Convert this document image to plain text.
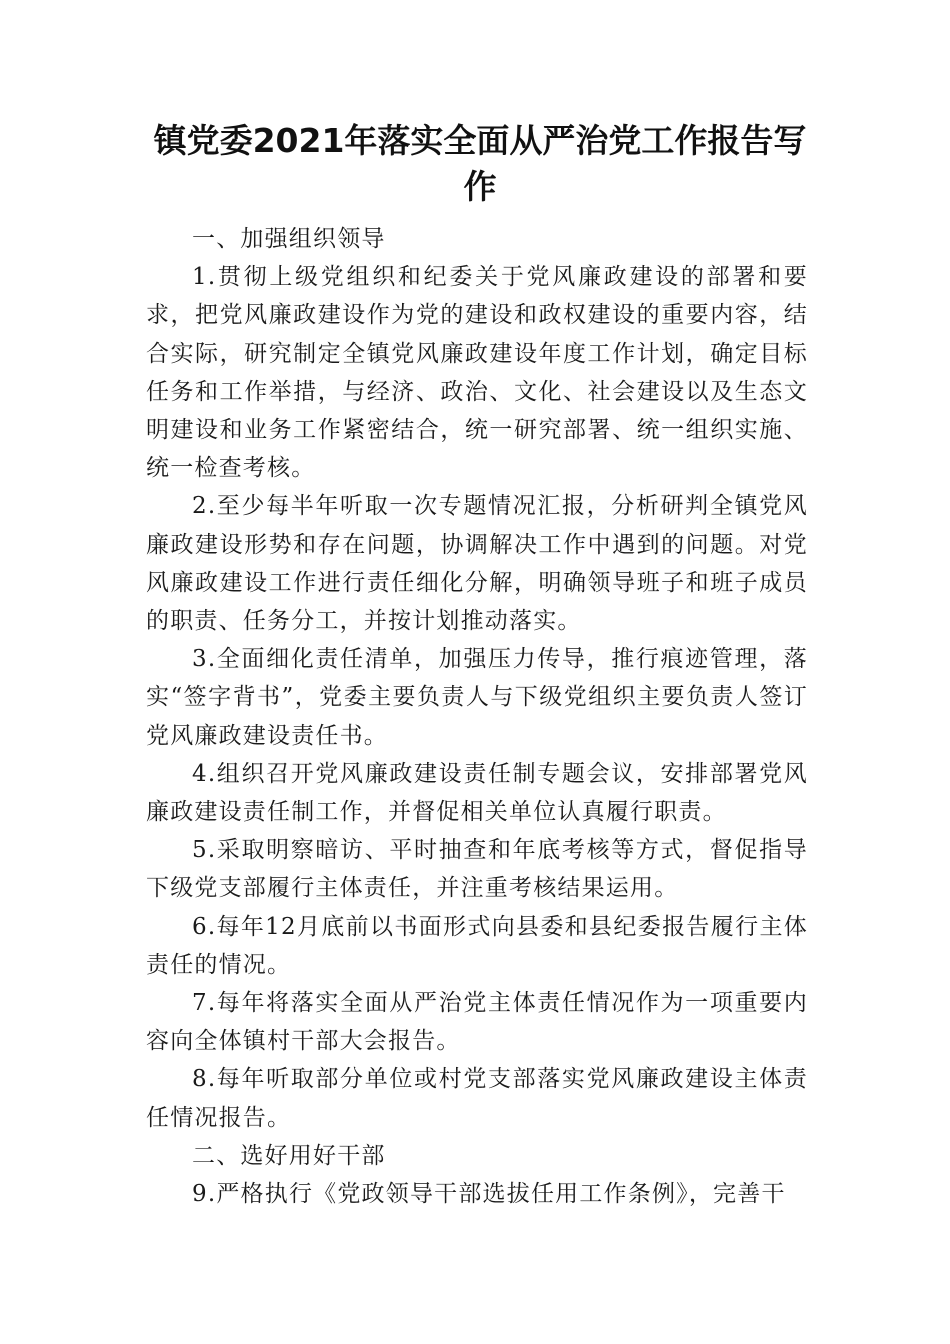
镇党委2021年落实全面从严治党工作报告写作

一、加强组织领导

1.贯彻上级党组织和纪委关于党风廉政建设的部署和要求，把党风廉政建设作为党的建设和政权建设的重要内容，结合实际，研究制定全镇党风廉政建设年度工作计划，确定目标任务和工作举措，与经济、政治、文化、社会建设以及生态文明建设和业务工作紧密结合，统一研究部署、统一组织实施、统一检查考核。

2.至少每半年听取一次专题情况汇报，分析研判全镇党风廉政建设形势和存在问题，协调解决工作中遇到的问题。对党风廉政建设工作进行责任细化分解，明确领导班子和班子成员的职责、任务分工，并按计划推动落实。

3.全面细化责任清单，加强压力传导，推行痕迹管理，落实“签字背书”，党委主要负责人与下级党组织主要负责人签订党风廉政建设责任书。

4.组织召开党风廉政建设责任制专题会议，安排部署党风廉政建设责任制工作，并督促相关单位认真履行职责。

5.采取明察暗访、平时抽查和年底考核等方式，督促指导下级党支部履行主体责任，并注重考核结果运用。

6.每年12月底前以书面形式向县委和县纪委报告履行主体责任的情况。

7.每年将落实全面从严治党主体责任情况作为一项重要内容向全体镇村干部大会报告。

8.每年听取部分单位或村党支部落实党风廉政建设主体责任情况报告。

二、选好用好干部

9.严格执行《党政领导干部选拔任用工作条例》，完善干
